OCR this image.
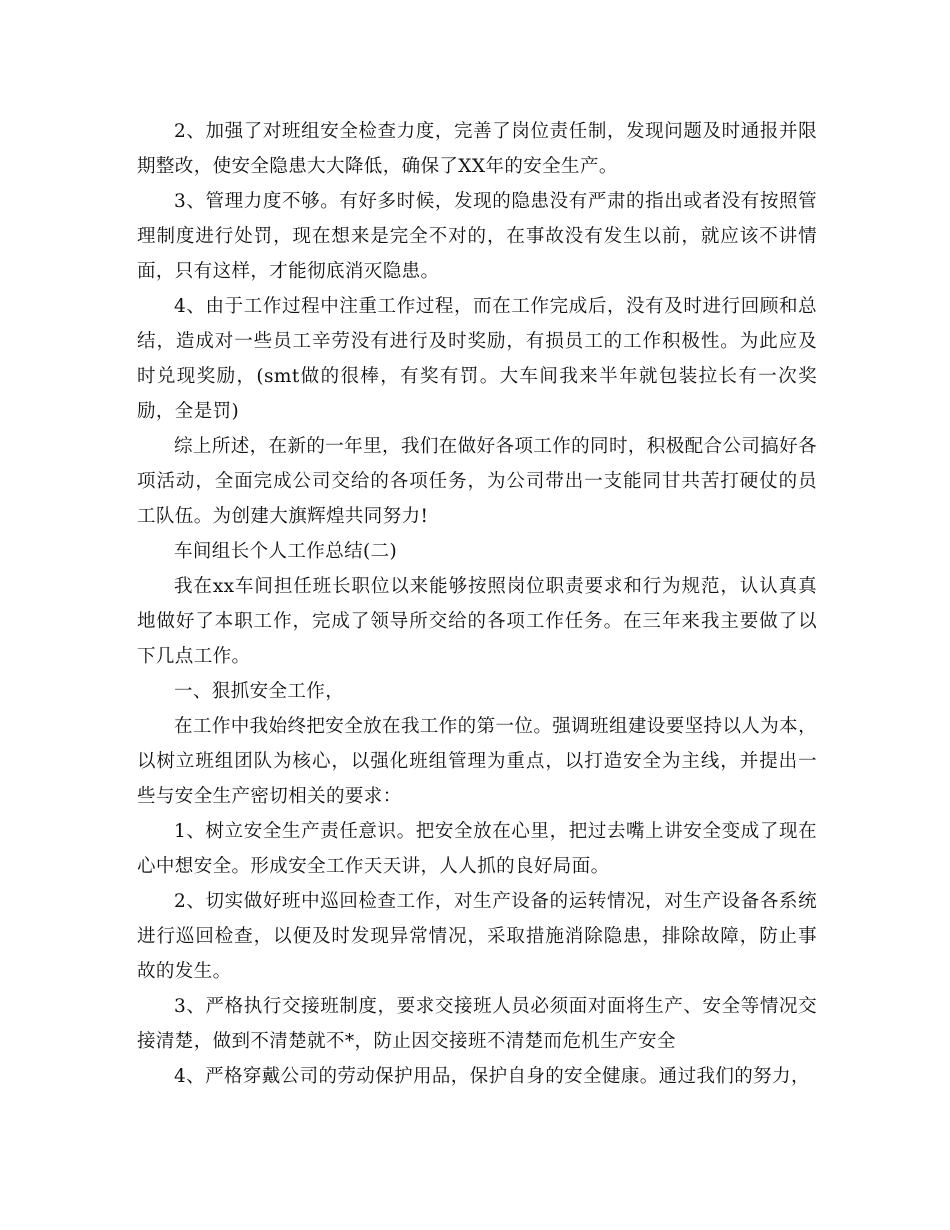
2、加强了对班组安全检查力度，完善了岗位责任制，发现问题及时通报并限期整改，使安全隐患大大降低，确保了XX年的安全生产。

3、管理力度不够。有好多时候，发现的隐患没有严肃的指出或者没有按照管理制度进行处罚，现在想来是完全不对的，在事故没有发生以前，就应该不讲情面，只有这样，才能彻底消灭隐患。

4、由于工作过程中注重工作过程，而在工作完成后，没有及时进行回顾和总结，造成对一些员工辛劳没有进行及时奖励，有损员工的工作积极性。为此应及时兑现奖励，(smt做的很棒，有奖有罚。大车间我来半年就包装拉长有一次奖励，全是罚)

综上所述，在新的一年里，我们在做好各项工作的同时，积极配合公司搞好各项活动，全面完成公司交给的各项任务，为公司带出一支能同甘共苦打硬仗的员工队伍。为创建大旗辉煌共同努力!

车间组长个人工作总结(二)

我在xx车间担任班长职位以来能够按照岗位职责要求和行为规范，认认真真地做好了本职工作，完成了领导所交给的各项工作任务。在三年来我主要做了以下几点工作。

一、狠抓安全工作，

在工作中我始终把安全放在我工作的第一位。强调班组建设要坚持以人为本，以树立班组团队为核心，以强化班组管理为重点，以打造安全为主线，并提出一些与安全生产密切相关的要求：

1、树立安全生产责任意识。把安全放在心里，把过去嘴上讲安全变成了现在心中想安全。形成安全工作天天讲，人人抓的良好局面。

2、切实做好班中巡回检查工作，对生产设备的运转情况，对生产设备各系统进行巡回检查，以便及时发现异常情况，采取措施消除隐患，排除故障，防止事故的发生。

3、严格执行交接班制度，要求交接班人员必须面对面将生产、安全等情况交接清楚，做到不清楚就不*，防止因交接班不清楚而危机生产安全

4、严格穿戴公司的劳动保护用品，保护自身的安全健康。通过我们的努力，
